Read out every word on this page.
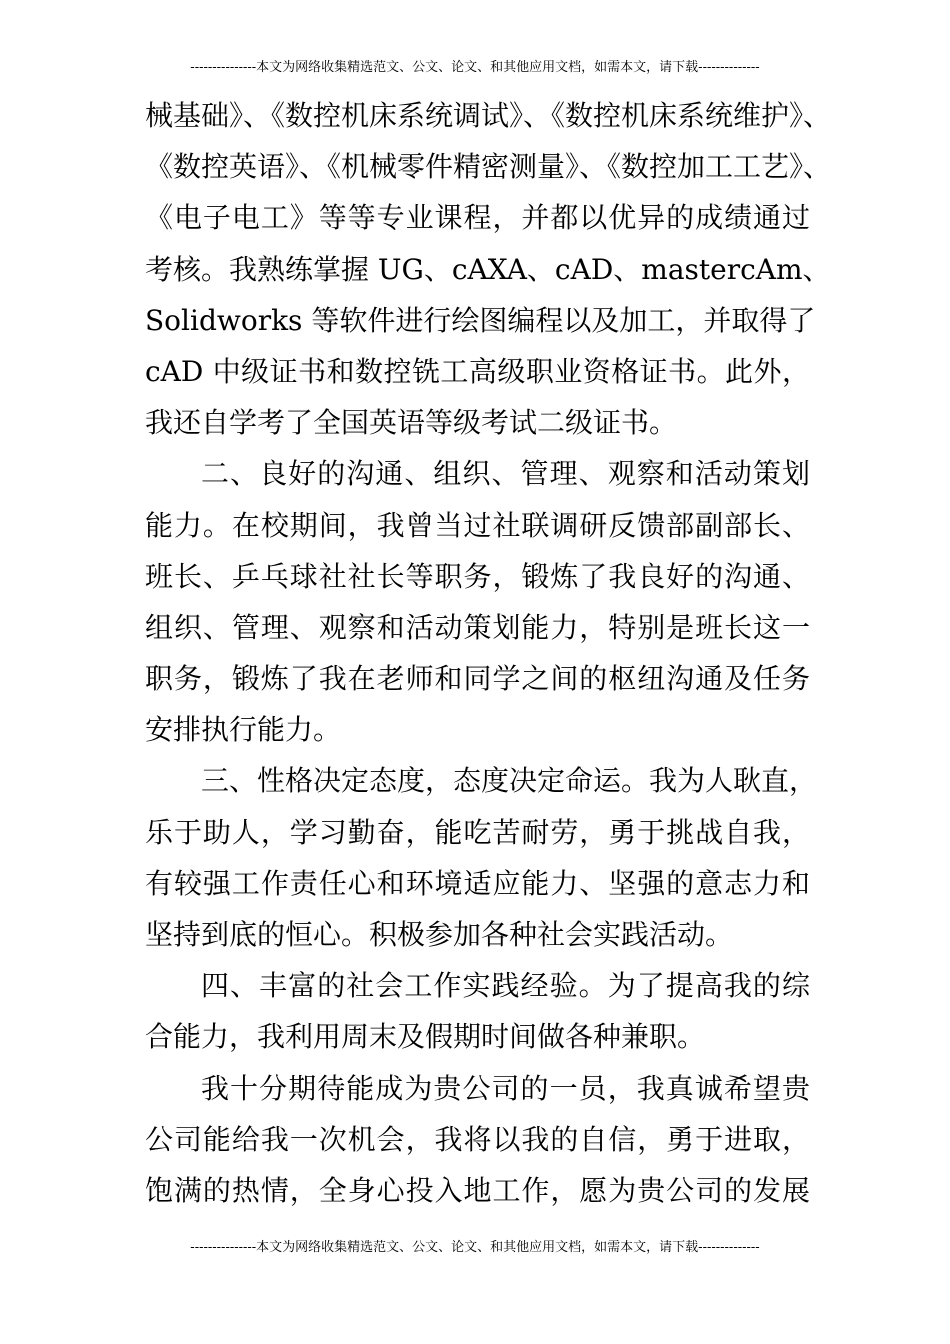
---------------本文为网络收集精选范文、公文、论文、和其他应用文档，如需本文，请下载--------------
械基础》、《数控机床系统调试》、《数控机床系统维护》、
《数控英语》、《机械零件精密测量》、《数控加工工艺》、
《电子电工》等等专业课程，并都以优异的成绩通过
考核。我熟练掌握 UG、cAXA、cAD、mastercAm、
Solidworks 等软件进行绘图编程以及加工，并取得了
cAD 中级证书和数控铣工高级职业资格证书。此外，
我还自学考了全国英语等级考试二级证书。
二、良好的沟通、组织、管理、观察和活动策划
能力。在校期间，我曾当过社联调研反馈部副部长、
班长、乒乓球社社长等职务，锻炼了我良好的沟通、
组织、管理、观察和活动策划能力，特别是班长这一
职务，锻炼了我在老师和同学之间的枢纽沟通及任务
安排执行能力。
三、性格决定态度，态度决定命运。我为人耿直，
乐于助人，学习勤奋，能吃苦耐劳，勇于挑战自我，
有较强工作责任心和环境适应能力、坚强的意志力和
坚持到底的恒心。积极参加各种社会实践活动。
四、丰富的社会工作实践经验。为了提高我的综
合能力，我利用周末及假期时间做各种兼职。
我十分期待能成为贵公司的一员，我真诚希望贵
公司能给我一次机会，我将以我的自信，勇于进取，
饱满的热情，全身心投入地工作，愿为贵公司的发展
---------------本文为网络收集精选范文、公文、论文、和其他应用文档，如需本文，请下载--------------
